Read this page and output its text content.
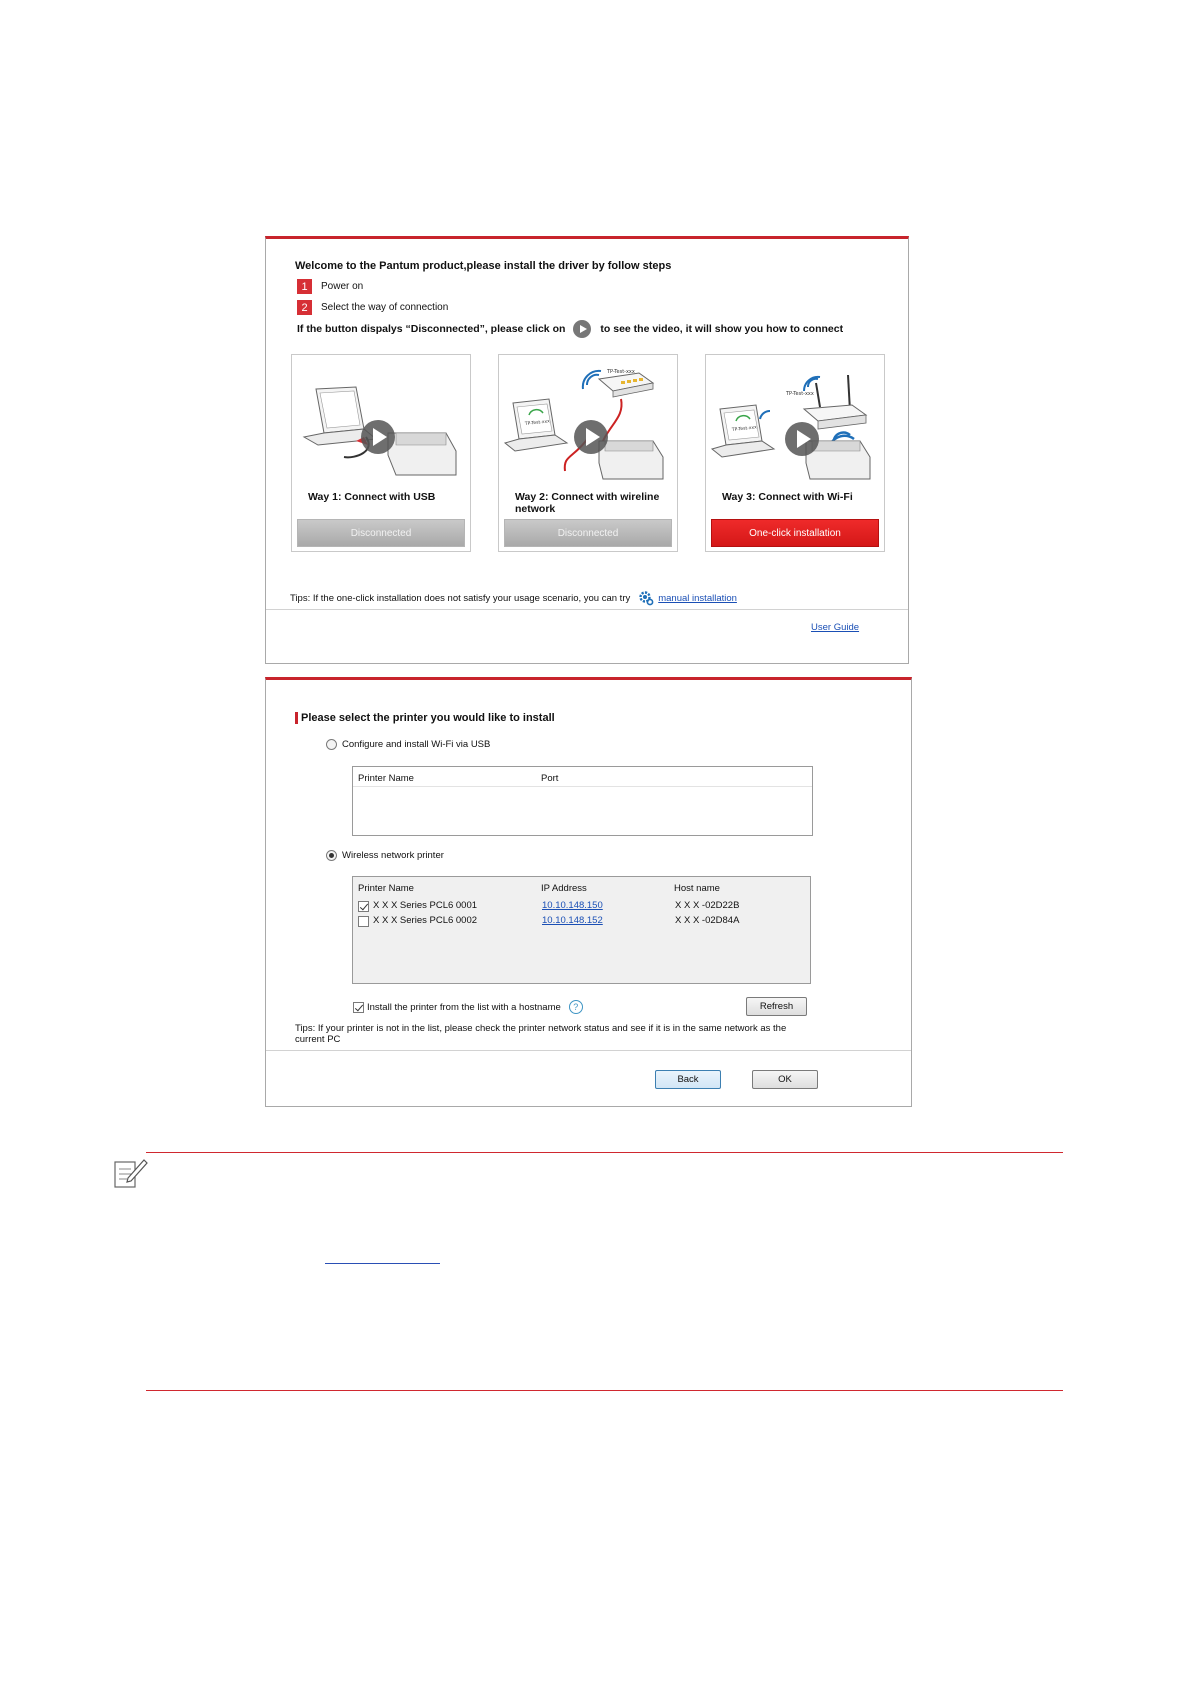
Welcome to the Pantum product,please install the driver by follow steps
1	Power on
2	Select the way of connection
If the button dispalys “Disconnected”, please click on	to see the video, it will show you how to connect
Way 1: Connect with USB
Disconnected
TP-Test-xxx
TP-Test-xxx
Way 2: Connect with wireline network
Disconnected
TP-Test-xxx
TP-Test-xxx
Way 3: Connect with Wi-Fi
One-click installation
Tips: If the one-click installation does not satisfy your usage scenario, you can try	manual installation
User Guide
Please select the printer you would like to install
Configure and install Wi-Fi via USB
Printer Name	Port
Wireless network printer
Printer Name	IP Address	Host name
X X X Series PCL6 0001	10.10.148.150	X X X -02D22B
X X X Series PCL6 0002	10.10.148.152	X X X -02D84A
Install the printer from the list with a hostname	?	Refresh
Tips: If your printer is not in the list, please check the printer network status and see if it is in the same network as the current PC
Back	OK
